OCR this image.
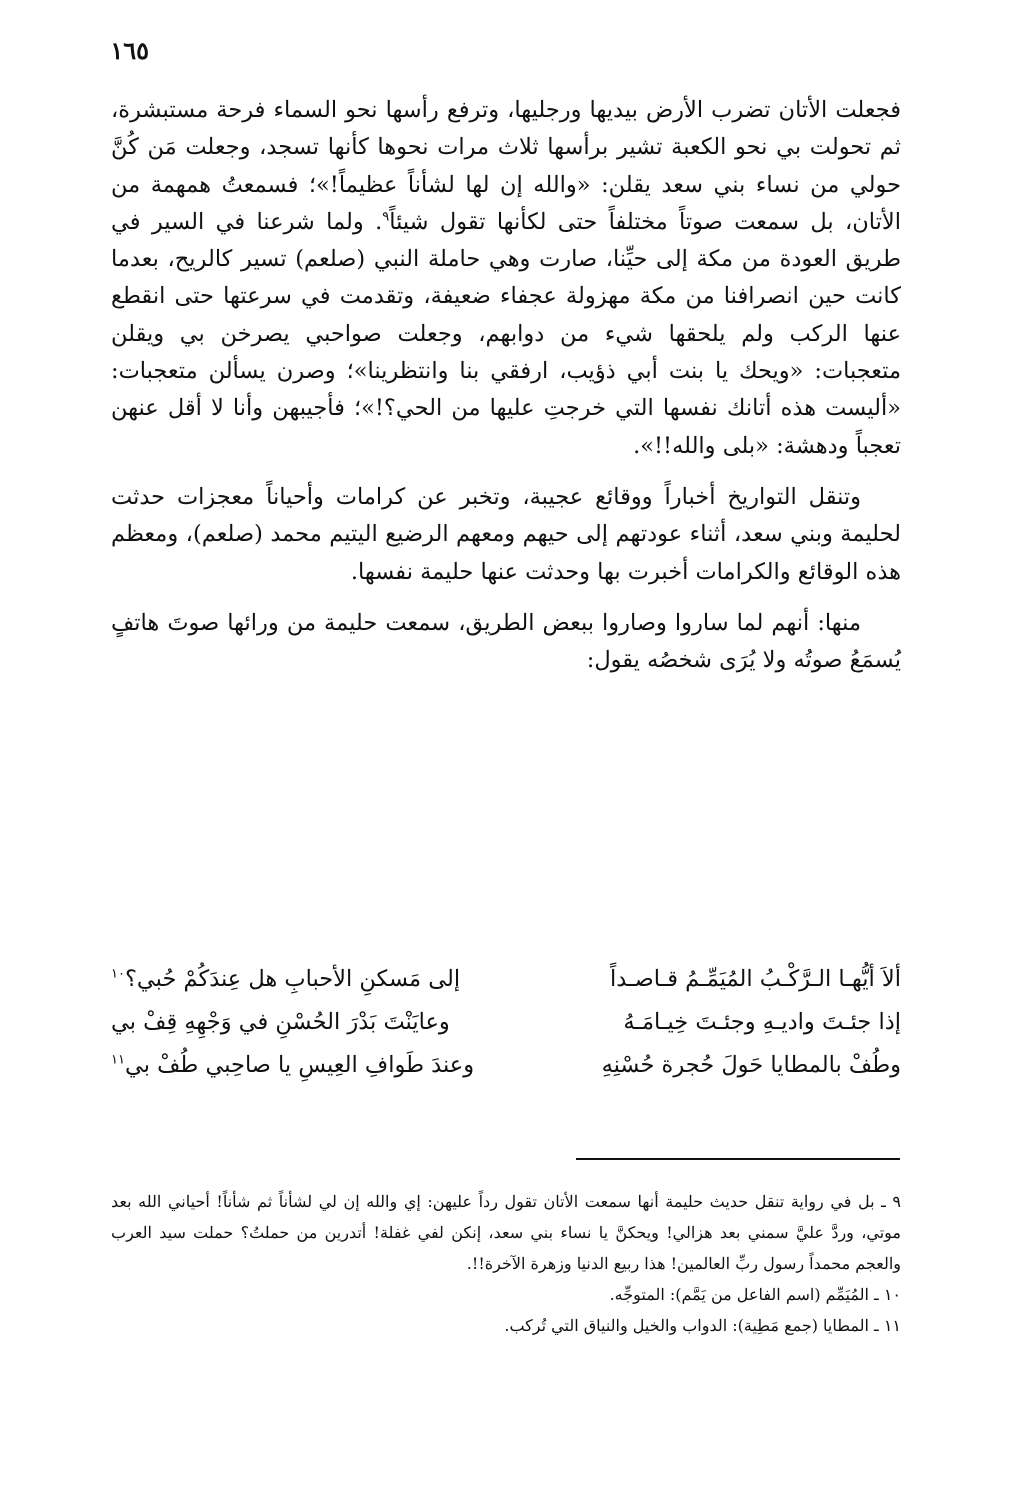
١٦٥

فجعلت الأتان تضرب الأرض بيديها ورجليها، وترفع رأسها نحو السماء فرحة مستبشرة، ثم تحولت بي نحو الكعبة تشير برأسها ثلاث مرات نحوها كأنها تسجد، وجعلت مَن كُنَّ حولي من نساء بني سعد يقلن: «والله إن لها لشأناً عظيماً!»؛ فسمعتُ همهمة من الأتان، بل سمعت صوتاً مختلفاً حتى لكأنها تقول شيئاً$^٩$. ولما شرعنا في السير في طريق العودة من مكة إلى حيِّنا، صارت وهي حاملة النبي (صلعم) تسير كالريح، بعدما كانت حين انصرافنا من مكة مهزولة عجفاء ضعيفة، وتقدمت في سرعتها حتى انقطع عنها الركب ولم يلحقها شيء من دوابهم، وجعلت صواحبي يصرخن بي ويقلن متعجبات: «ويحك يا بنت أبي ذؤيب، ارفقي بنا وانتظرينا»؛ وصرن يسألن متعجبات: «أليست هذه أتانك نفسها التي خرجتِ عليها من الحي؟!»؛ فأجيبهن وأنا لا أقل عنهن تعجباً ودهشة: «بلى والله!!».

وتنقل التواريخ أخباراً ووقائع عجيبة، وتخبر عن كرامات وأحياناً معجزات حدثت لحليمة وبني سعد، أثناء عودتهم إلى حيهم ومعهم الرضيع اليتيم محمد (صلعم)، ومعظم هذه الوقائع والكرامات أخبرت بها وحدثت عنها حليمة نفسها.

منها: أنهم لما ساروا وصاروا ببعض الطريق، سمعت حليمة من ورائها صوتَ هاتفٍ يُسمَعُ صوتُه ولا يُرَى شخصُه يقول:

ألاَ أيُّهـا الـرَّكْـبُ المُيَمِّـمُ قـاصـداً
إلى مَسكنِ الأحبابِ هل عِندَكُمْ حُبي؟$^{١٠}$
إذا جئـتَ واديـهِ وجئـتَ خِيـامَـهُ
وعايَنْتَ بَدْرَ الحُسْنِ في وَجْهِهِ قِفْ بي
وطُفْ بالمطايا حَولَ حُجرة حُسْنِهِ
وعندَ طَوافِ العِيسِ يا صاحِبي طُفْ بي$^{١١}$

٩ ـ بل في رواية تنقل حديث حليمة أنها سمعت الأتان تقول رداً عليهن: إي والله إن لي لشأناً ثم شأناً! أحياني الله بعد موتي، وردَّ عليَّ سمني بعد هزالي! ويحكنَّ يا نساء بني سعد، إنكن لفي غفلة! أتدرين من حملتُ؟ حملت سيد العرب والعجم محمداً رسول ربِّ العالمين! هذا ربيع الدنيا وزهرة الآخرة!!.

١٠ ـ المُيَمِّم (اسم الفاعل من يَمَّم): المتوجِّه.

١١ ـ المطايا (جمع مَطِية): الدواب والخيل والنياق التي تُركب.
